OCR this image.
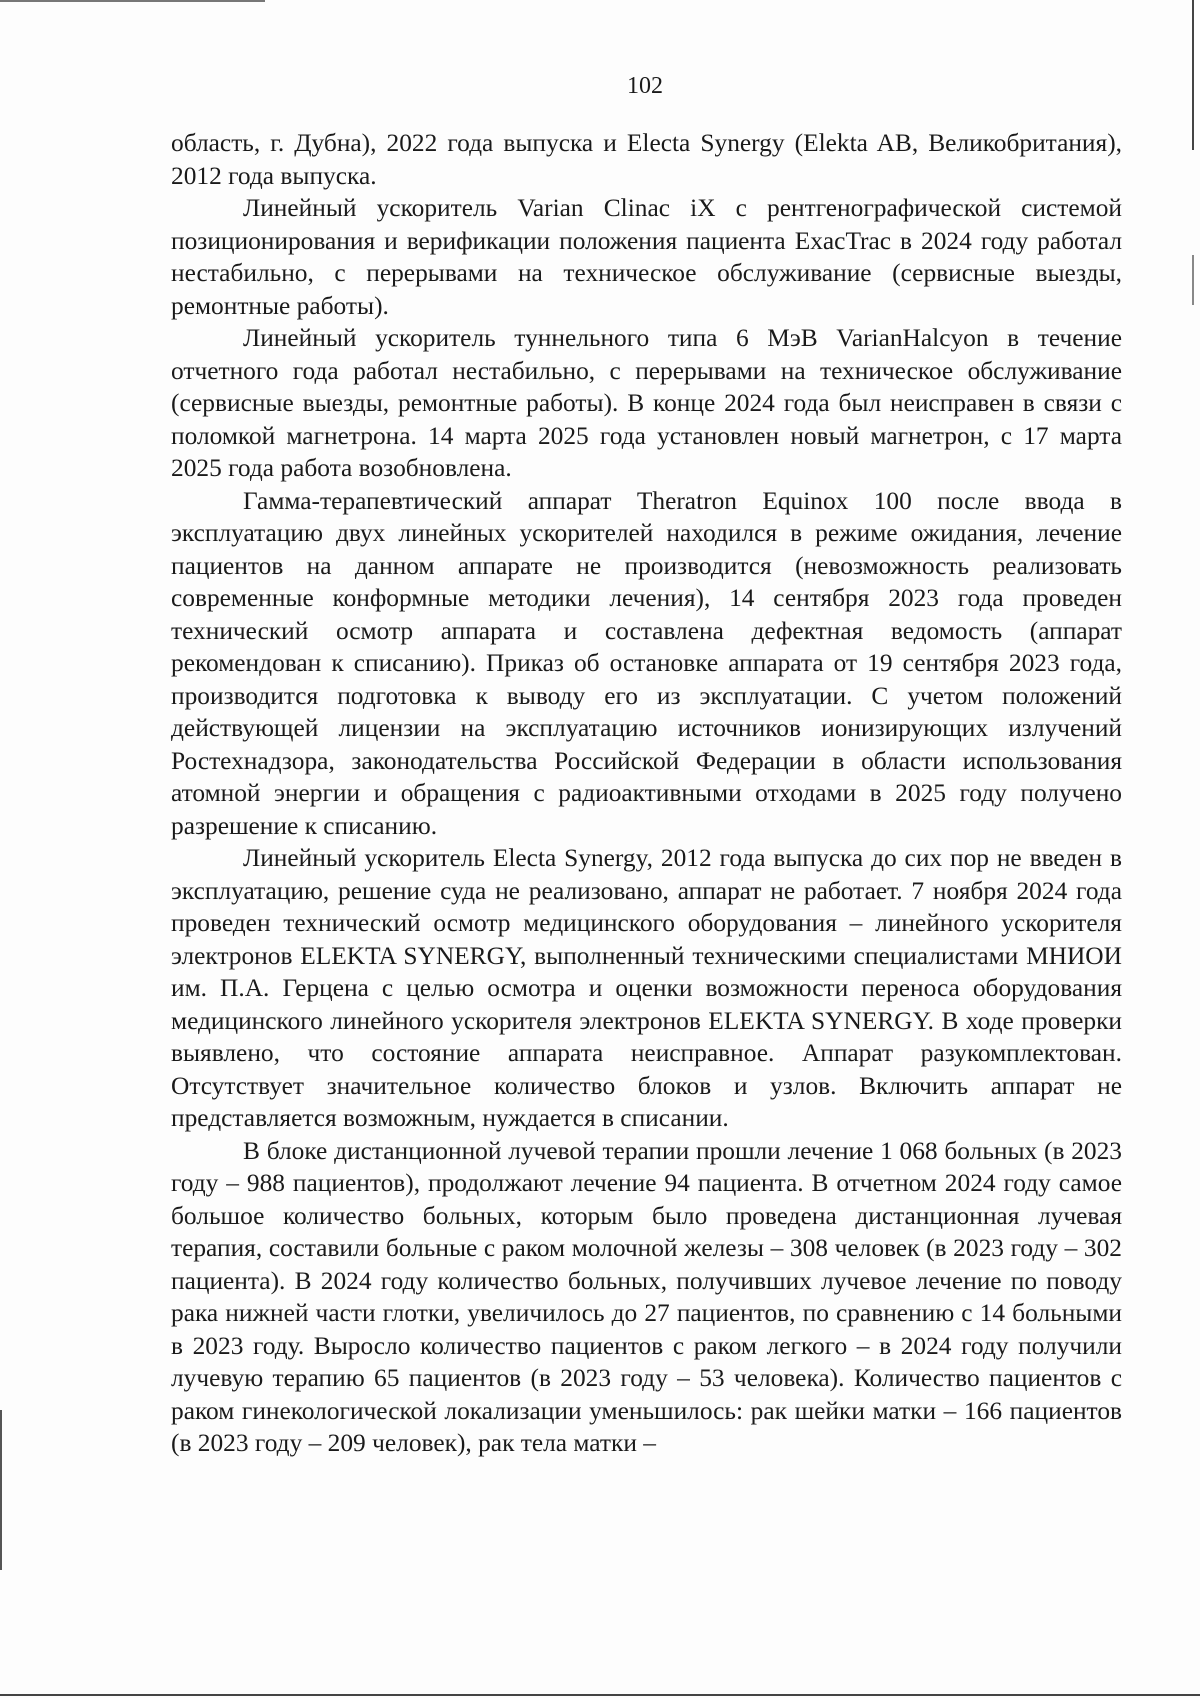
102

область, г. Дубна), 2022 года выпуска и Electa Synergy (Elekta AB, Великобритания), 2012 года выпуска.

Линейный ускоритель Varian Clinac iX с рентгенографической системой позиционирования и верификации положения пациента ExacTrac в 2024 году работал нестабильно, с перерывами на техническое обслуживание (сервисные выезды, ремонтные работы).

Линейный ускоритель туннельного типа 6 МэВ VarianHalcyon в течение отчетного года работал нестабильно, с перерывами на техническое обслуживание (сервисные выезды, ремонтные работы). В конце 2024 года был неисправен в связи с поломкой магнетрона. 14 марта 2025 года установлен новый магнетрон, с 17 марта 2025 года работа возобновлена.

Гамма-терапевтический аппарат Theratron Equinox 100 после ввода в эксплуатацию двух линейных ускорителей находился в режиме ожидания, лечение пациентов на данном аппарате не производится (невозможность реализовать современные конформные методики лечения), 14 сентября 2023 года проведен технический осмотр аппарата и составлена дефектная ведомость (аппарат рекомендован к списанию). Приказ об остановке аппарата от 19 сентября 2023 года, производится подготовка к выводу его из эксплуатации. С учетом положений действующей лицензии на эксплуатацию источников ионизирующих излучений Ростехнадзора, законодательства Российской Федерации в области использования атомной энергии и обращения с радиоактивными отходами в 2025 году получено разрешение к списанию.

Линейный ускоритель Electa Synergy, 2012 года выпуска до сих пор не введен в эксплуатацию, решение суда не реализовано, аппарат не работает. 7 ноября 2024 года проведен технический осмотр медицинского оборудования – линейного ускорителя электронов ELEKTA SYNERGY, выполненный техническими специалистами МНИОИ им. П.А. Герцена с целью осмотра и оценки возможности переноса оборудования медицинского линейного ускорителя электронов ELEKTA SYNERGY. В ходе проверки выявлено, что состояние аппарата неисправное. Аппарат разукомплектован. Отсутствует значительное количество блоков и узлов. Включить аппарат не представляется возможным, нуждается в списании.

В блоке дистанционной лучевой терапии прошли лечение 1 068 больных (в 2023 году – 988 пациентов), продолжают лечение 94 пациента. В отчетном 2024 году самое большое количество больных, которым было проведена дистанционная лучевая терапия, составили больные с раком молочной железы – 308 человек (в 2023 году – 302 пациента). В 2024 году количество больных, получивших лучевое лечение по поводу рака нижней части глотки, увеличилось до 27 пациентов, по сравнению с 14 больными в 2023 году. Выросло количество пациентов с раком легкого – в 2024 году получили лучевую терапию 65 пациентов (в 2023 году – 53 человека). Количество пациентов с раком гинекологической локализации уменьшилось: рак шейки матки – 166 пациентов (в 2023 году – 209 человек), рак тела матки –
